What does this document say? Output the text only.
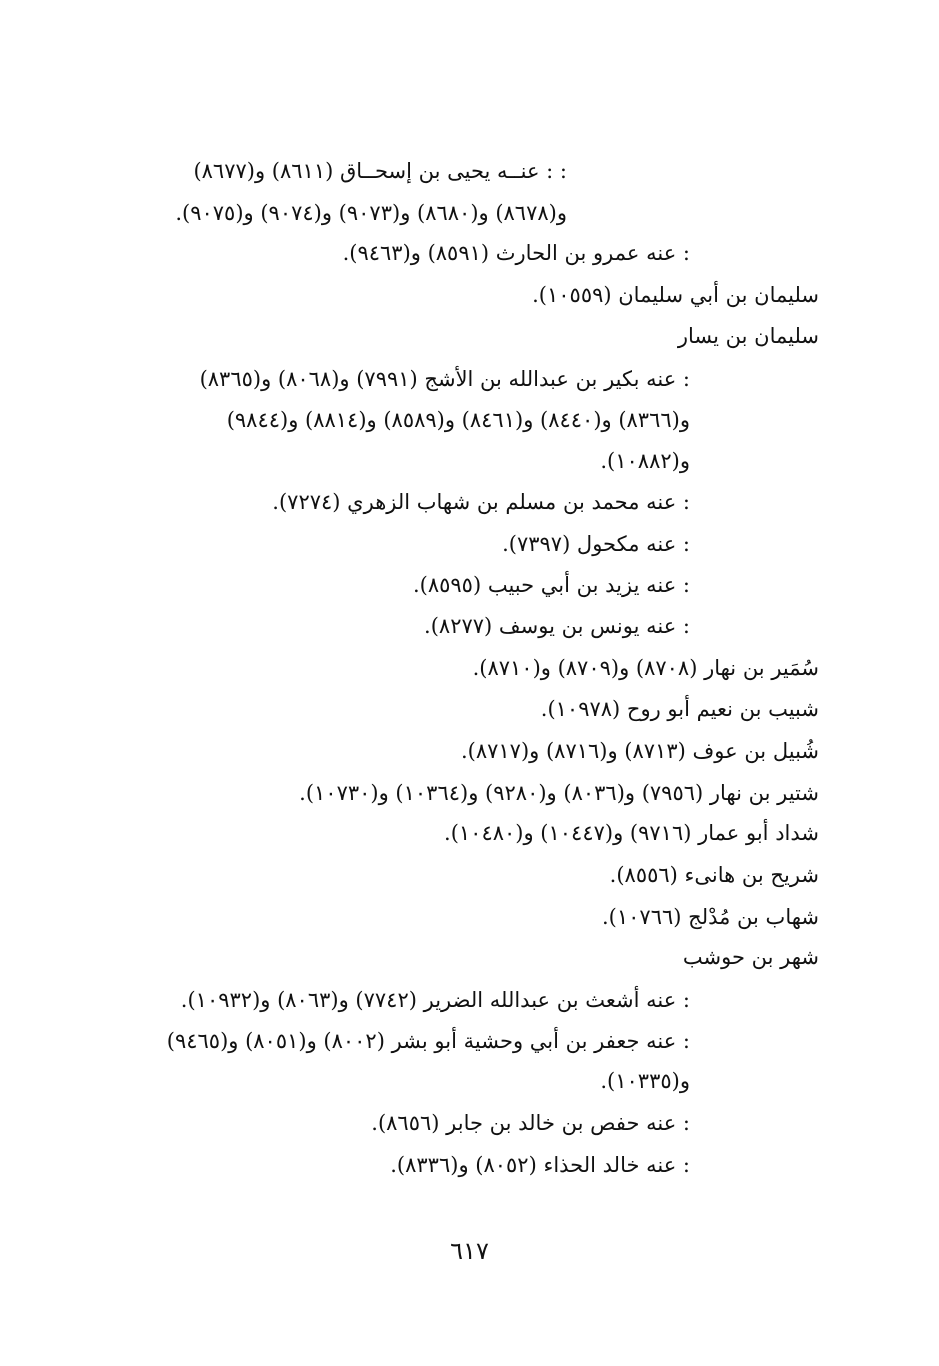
: : عنــه يحيى بن إسحــاق (٨٦١١) و(٨٦٧٧)
و(٨٦٧٨) و(٨٦٨٠) و(٩٠٧٣) و(٩٠٧٤) و(٩٠٧٥).
: عنه عمرو بن الحارث (٨٥٩١) و(٩٤٦٣).
سليمان بن أبي سليمان (١٠٥٥٩).
سليمان بن يسار
: عنه بكير بن عبدالله بن الأشج (٧٩٩١) و(٨٠٦٨) و(٨٣٦٥)
و(٨٣٦٦) و(٨٤٤٠) و(٨٤٦١) و(٨٥٨٩) و(٨٨١٤) و(٩٨٤٤)
و(١٠٨٨٢).
: عنه محمد بن مسلم بن شهاب الزهري (٧٢٧٤).
: عنه مكحول (٧٣٩٧).
: عنه يزيد بن أبي حبيب (٨٥٩٥).
: عنه يونس بن يوسف (٨٢٧٧).
سُمَير بن نهار (٨٧٠٨) و(٨٧٠٩) و(٨٧١٠).
شبيب بن نعيم أبو روح (١٠٩٧٨).
شُبيل بن عوف (٨٧١٣) و(٨٧١٦) و(٨٧١٧).
شتير بن نهار (٧٩٥٦) و(٨٠٣٦) و(٩٢٨٠) و(١٠٣٦٤) و(١٠٧٣٠).
شداد أبو عمار (٩٧١٦) و(١٠٤٤٧) و(١٠٤٨٠).
شريح بن هانىء (٨٥٥٦).
شهاب بن مُدْلج (١٠٧٦٦).
شهر بن حوشب
: عنه أشعث بن عبدالله الضرير (٧٧٤٢) و(٨٠٦٣) و(١٠٩٣٢).
: عنه جعفر بن أبي وحشية أبو بشر (٨٠٠٢) و(٨٠٥١) و(٩٤٦٥)
و(١٠٣٣٥).
: عنه حفص بن خالد بن جابر (٨٦٥٦).
: عنه خالد الحذاء (٨٠٥٢) و(٨٣٣٦).
٦١٧
